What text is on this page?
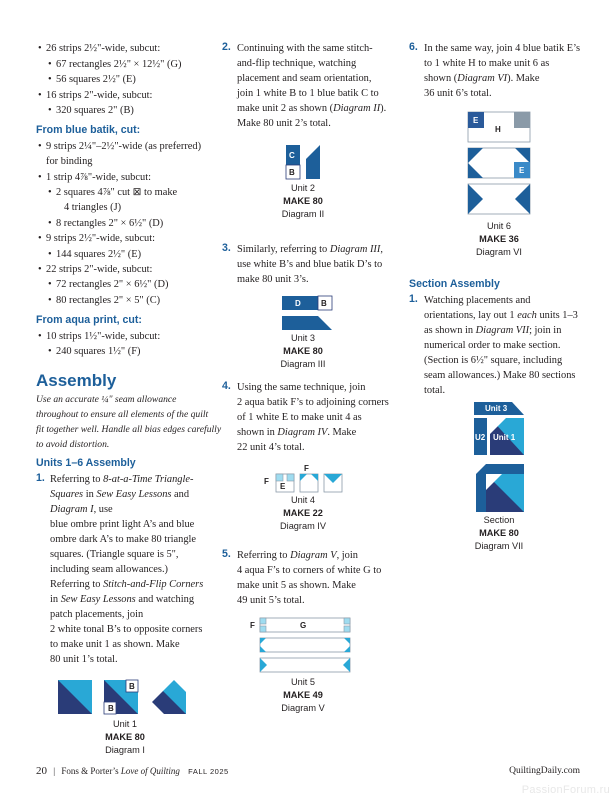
• 26 strips 2½"-wide, subcut:
• 67 rectangles 2½" × 12½" (G)
• 56 squares 2½" (E)
• 16 strips 2"-wide, subcut:
• 320 squares 2" (B)
From blue batik, cut:
• 9 strips 2¼"–2½"-wide (as preferred)
for binding
• 1 strip 4⅞"-wide, subcut:
• 2 squares 4⅞" cut ⊠ to make
4 triangles (J)
• 8 rectangles 2" × 6½" (D)
• 9 strips 2½"-wide, subcut:
• 144 squares 2½" (E)
• 22 strips 2"-wide, subcut:
• 72 rectangles 2" × 6½" (D)
• 80 rectangles 2" × 5" (C)
From aqua print, cut:
• 10 strips 1½"-wide, subcut:
• 240 squares 1½" (F)
Assembly
Use an accurate ¼" seam allowance
throughout to ensure all elements of the quilt
fit together well. Handle all bias edges carefully
to avoid distortion.
Units 1–6 Assembly
1. Referring to 8-at-a-Time Triangle-
Squares in Sew Easy Lessons and
Diagram I, use
blue ombre print light A’s and blue
ombre dark A’s to make 80 triangle
squares. (Triangle square is 5",
including seam allowances.)
Referring to Stitch-and-Flip Corners
in Sew Easy Lessons and watching
patch placements, join
2 white tonal B’s to opposite corners
to make unit 1 as shown. Make
80 unit 1’s total.
B
B
Unit 1
MAKE 80
Diagram I
2. Continuing with the same stitch-
and-flip technique, watching
placement and seam orientation,
join 1 white B to 1 blue batik C to
make unit 2 as shown (Diagram II).
Make 80 unit 2’s total.
C
B
Unit 2
MAKE 80
Diagram II
3. Similarly, referring to Diagram III,
use white B’s and blue batik D’s to
make 80 unit 3’s.
D	B
Unit 3
MAKE 80
Diagram III
4. Using the same technique, join
2 aqua batik F’s to adjoining corners
of 1 white E to make unit 4 as
shown in Diagram IV. Make
22 unit 4’s total.
F
F
E
Unit 4
MAKE 22
Diagram IV
5. Referring to Diagram V, join
4 aqua F’s to corners of white G to
make unit 5 as shown. Make
49 unit 5’s total.
F	G
Unit 5
MAKE 49
Diagram V
6. In the same way, join 4 blue batik E’s
to 1 white H to make unit 6 as
shown (Diagram VI). Make
36 unit 6’s total.
E
H
E
Unit 6
MAKE 36
Diagram VI
Section Assembly
1. Watching placements and
orientations, lay out 1 each units 1–3
as shown in Diagram VII; join in
numerical order to make section.
(Section is 6½" square, including
seam allowances.) Make 80 sections
total.
Unit 3
U2 Unit 1
Section
MAKE 80
Diagram VII
20 | Fons & Porter’s Love of Quilting FALL 2025	QuiltingDaily.com
PassionForum.ru
